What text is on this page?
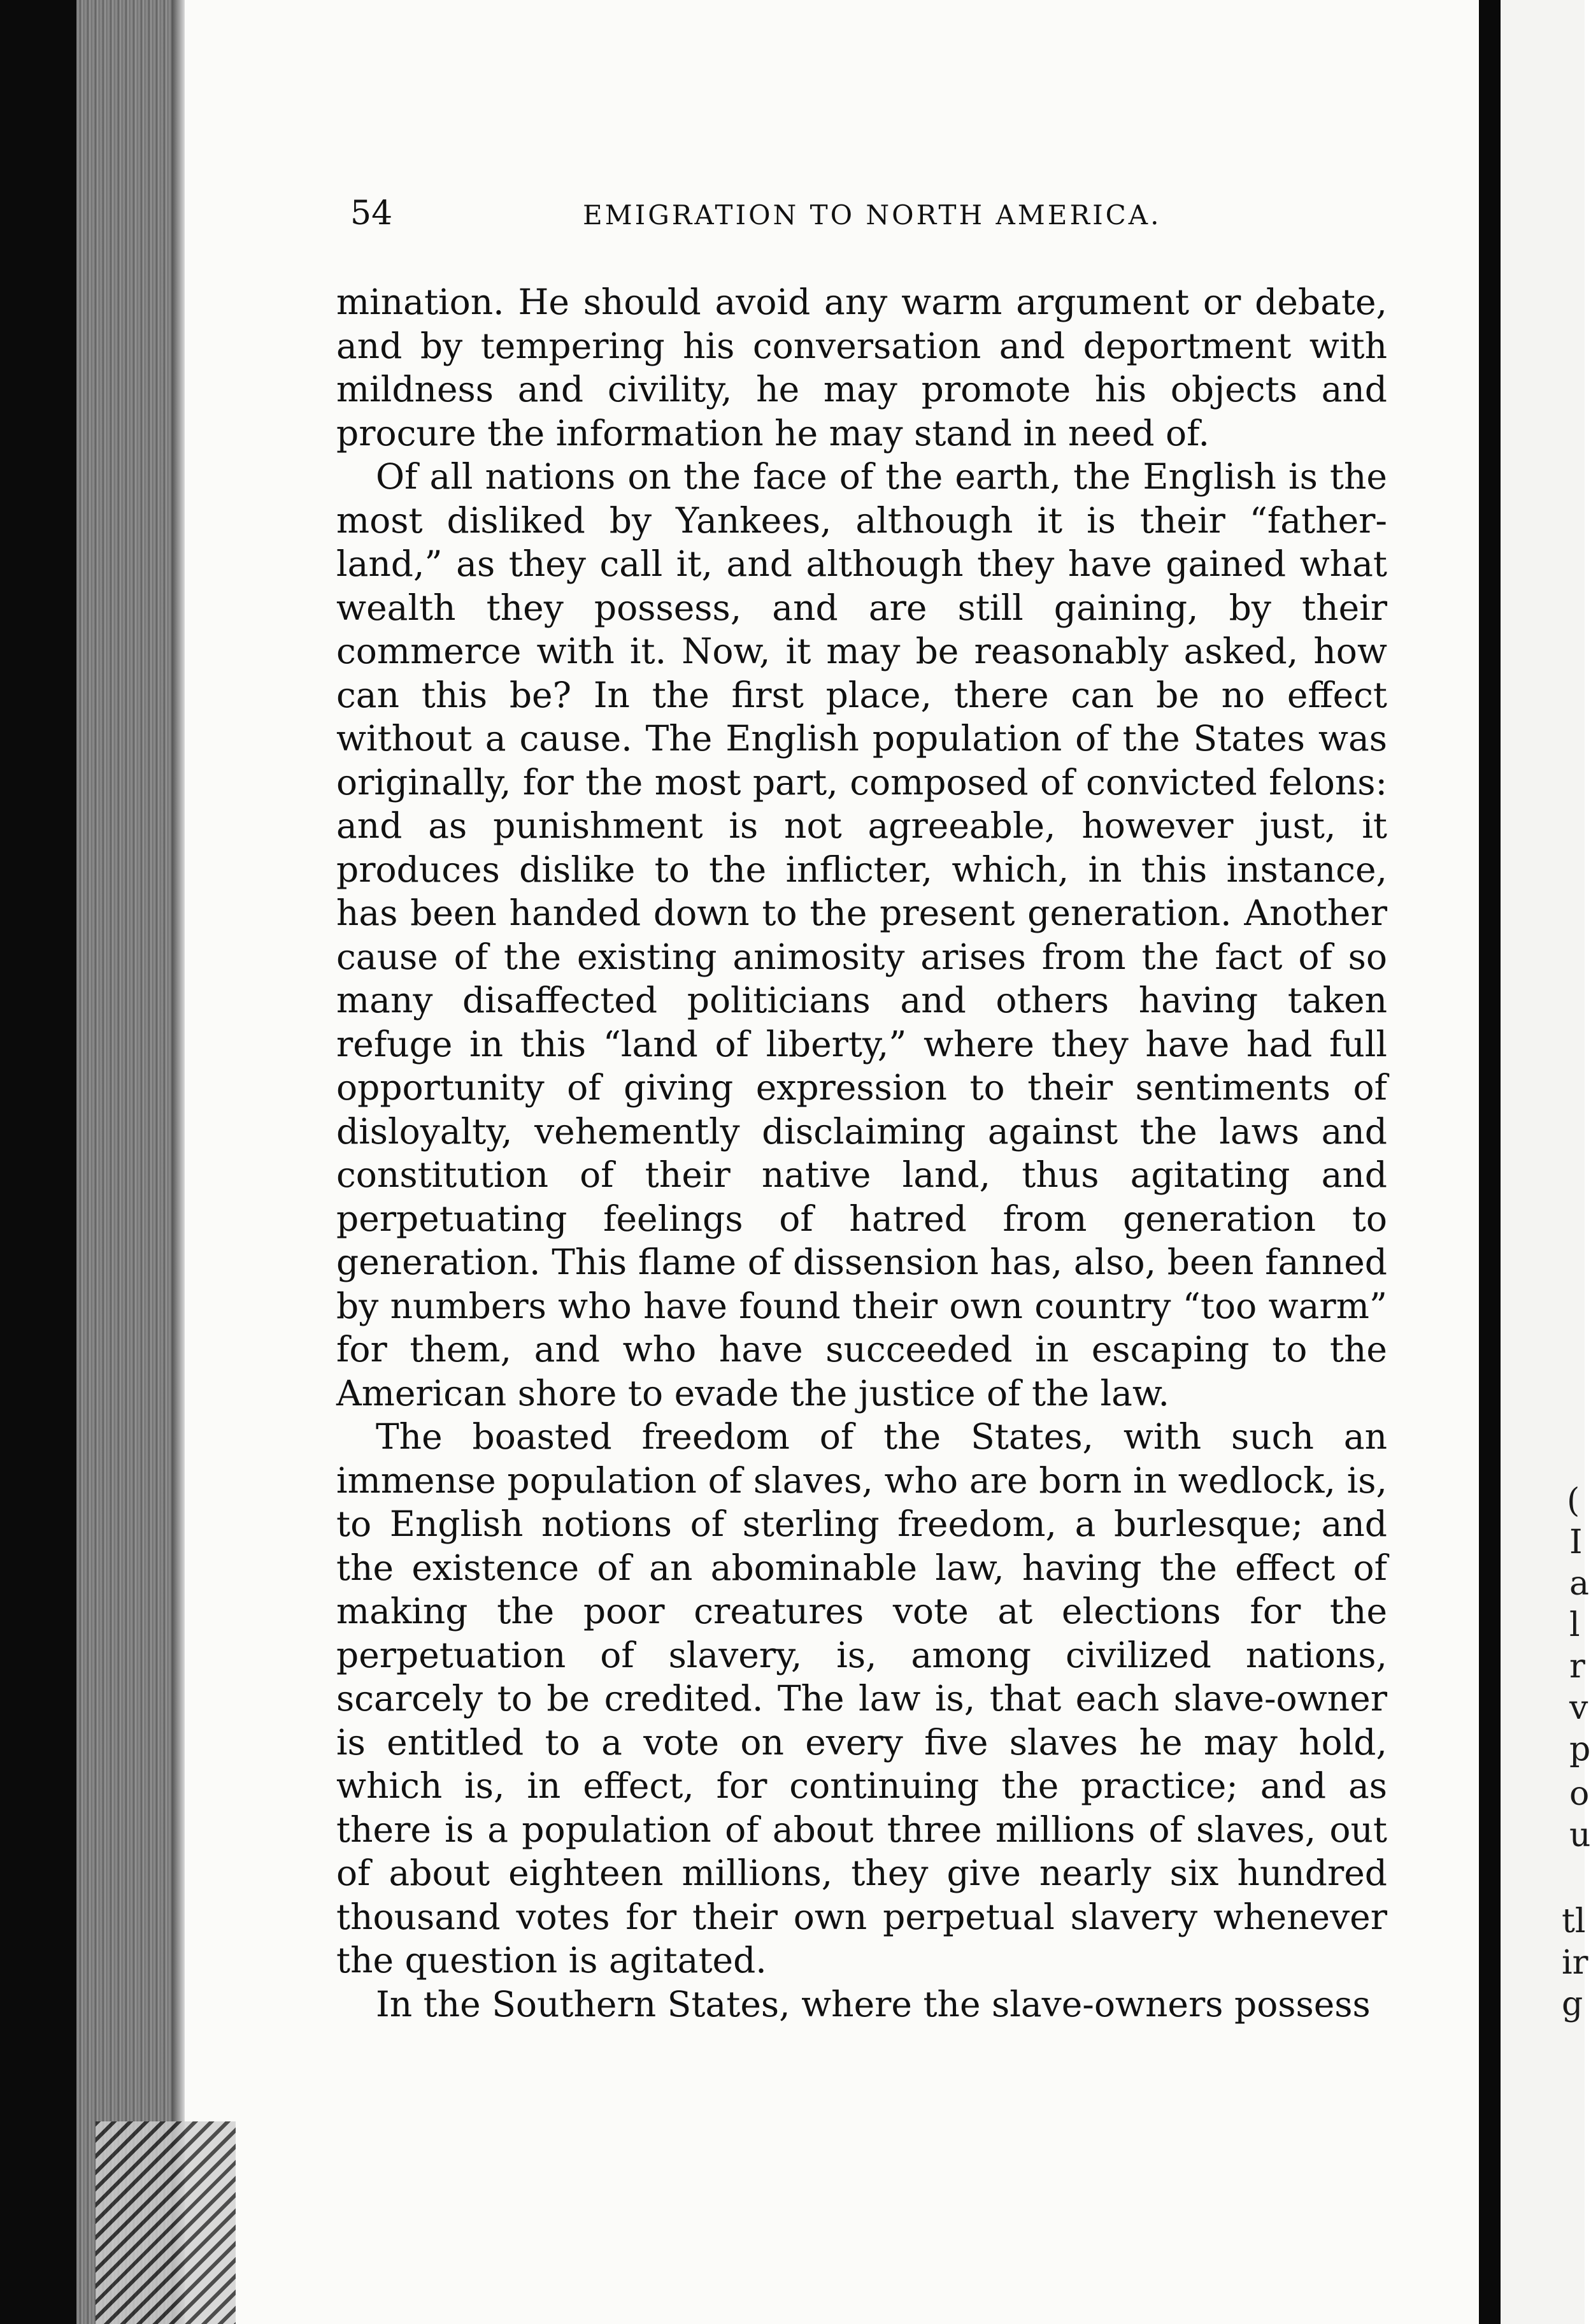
54	EMIGRATION TO NORTH AMERICA.

mination. He should avoid any warm argument or debate, and by tempering his conversation and deportment with mildness and civility, he may promote his objects and procure the information he may stand in need of.

Of all nations on the face of the earth, the English is the most disliked by Yankees, although it is their “father-land,” as they call it, and although they have gained what wealth they possess, and are still gaining, by their commerce with it. Now, it may be reasonably asked, how can this be? In the first place, there can be no effect without a cause. The English population of the States was originally, for the most part, composed of convicted felons: and as punishment is not agreeable, however just, it produces dislike to the inflicter, which, in this instance, has been handed down to the present generation. Another cause of the existing animosity arises from the fact of so many disaffected politicians and others having taken refuge in this “land of liberty,” where they have had full opportunity of giving expression to their sentiments of disloyalty, vehemently disclaiming against the laws and constitution of their native land, thus agitating and perpetuating feelings of hatred from generation to generation. This flame of dissension has, also, been fanned by numbers who have found their own country “too warm” for them, and who have succeeded in escaping to the American shore to evade the justice of the law.

The boasted freedom of the States, with such an immense population of slaves, who are born in wedlock, is, to English notions of sterling freedom, a burlesque; and the existence of an abominable law, having the effect of making the poor creatures vote at elections for the perpetuation of slavery, is, among civilized nations, scarcely to be credited. The law is, that each slave-owner is entitled to a vote on every five slaves he may hold, which is, in effect, for continuing the practice; and as there is a population of about three millions of slaves, out of about eighteen millions, they give nearly six hundred thousand votes for their own perpetual slavery whenever the question is agitated.

In the Southern States, where the slave-owners possess

(
I
a
l
r
v
p
o
u
tl
ir
g
